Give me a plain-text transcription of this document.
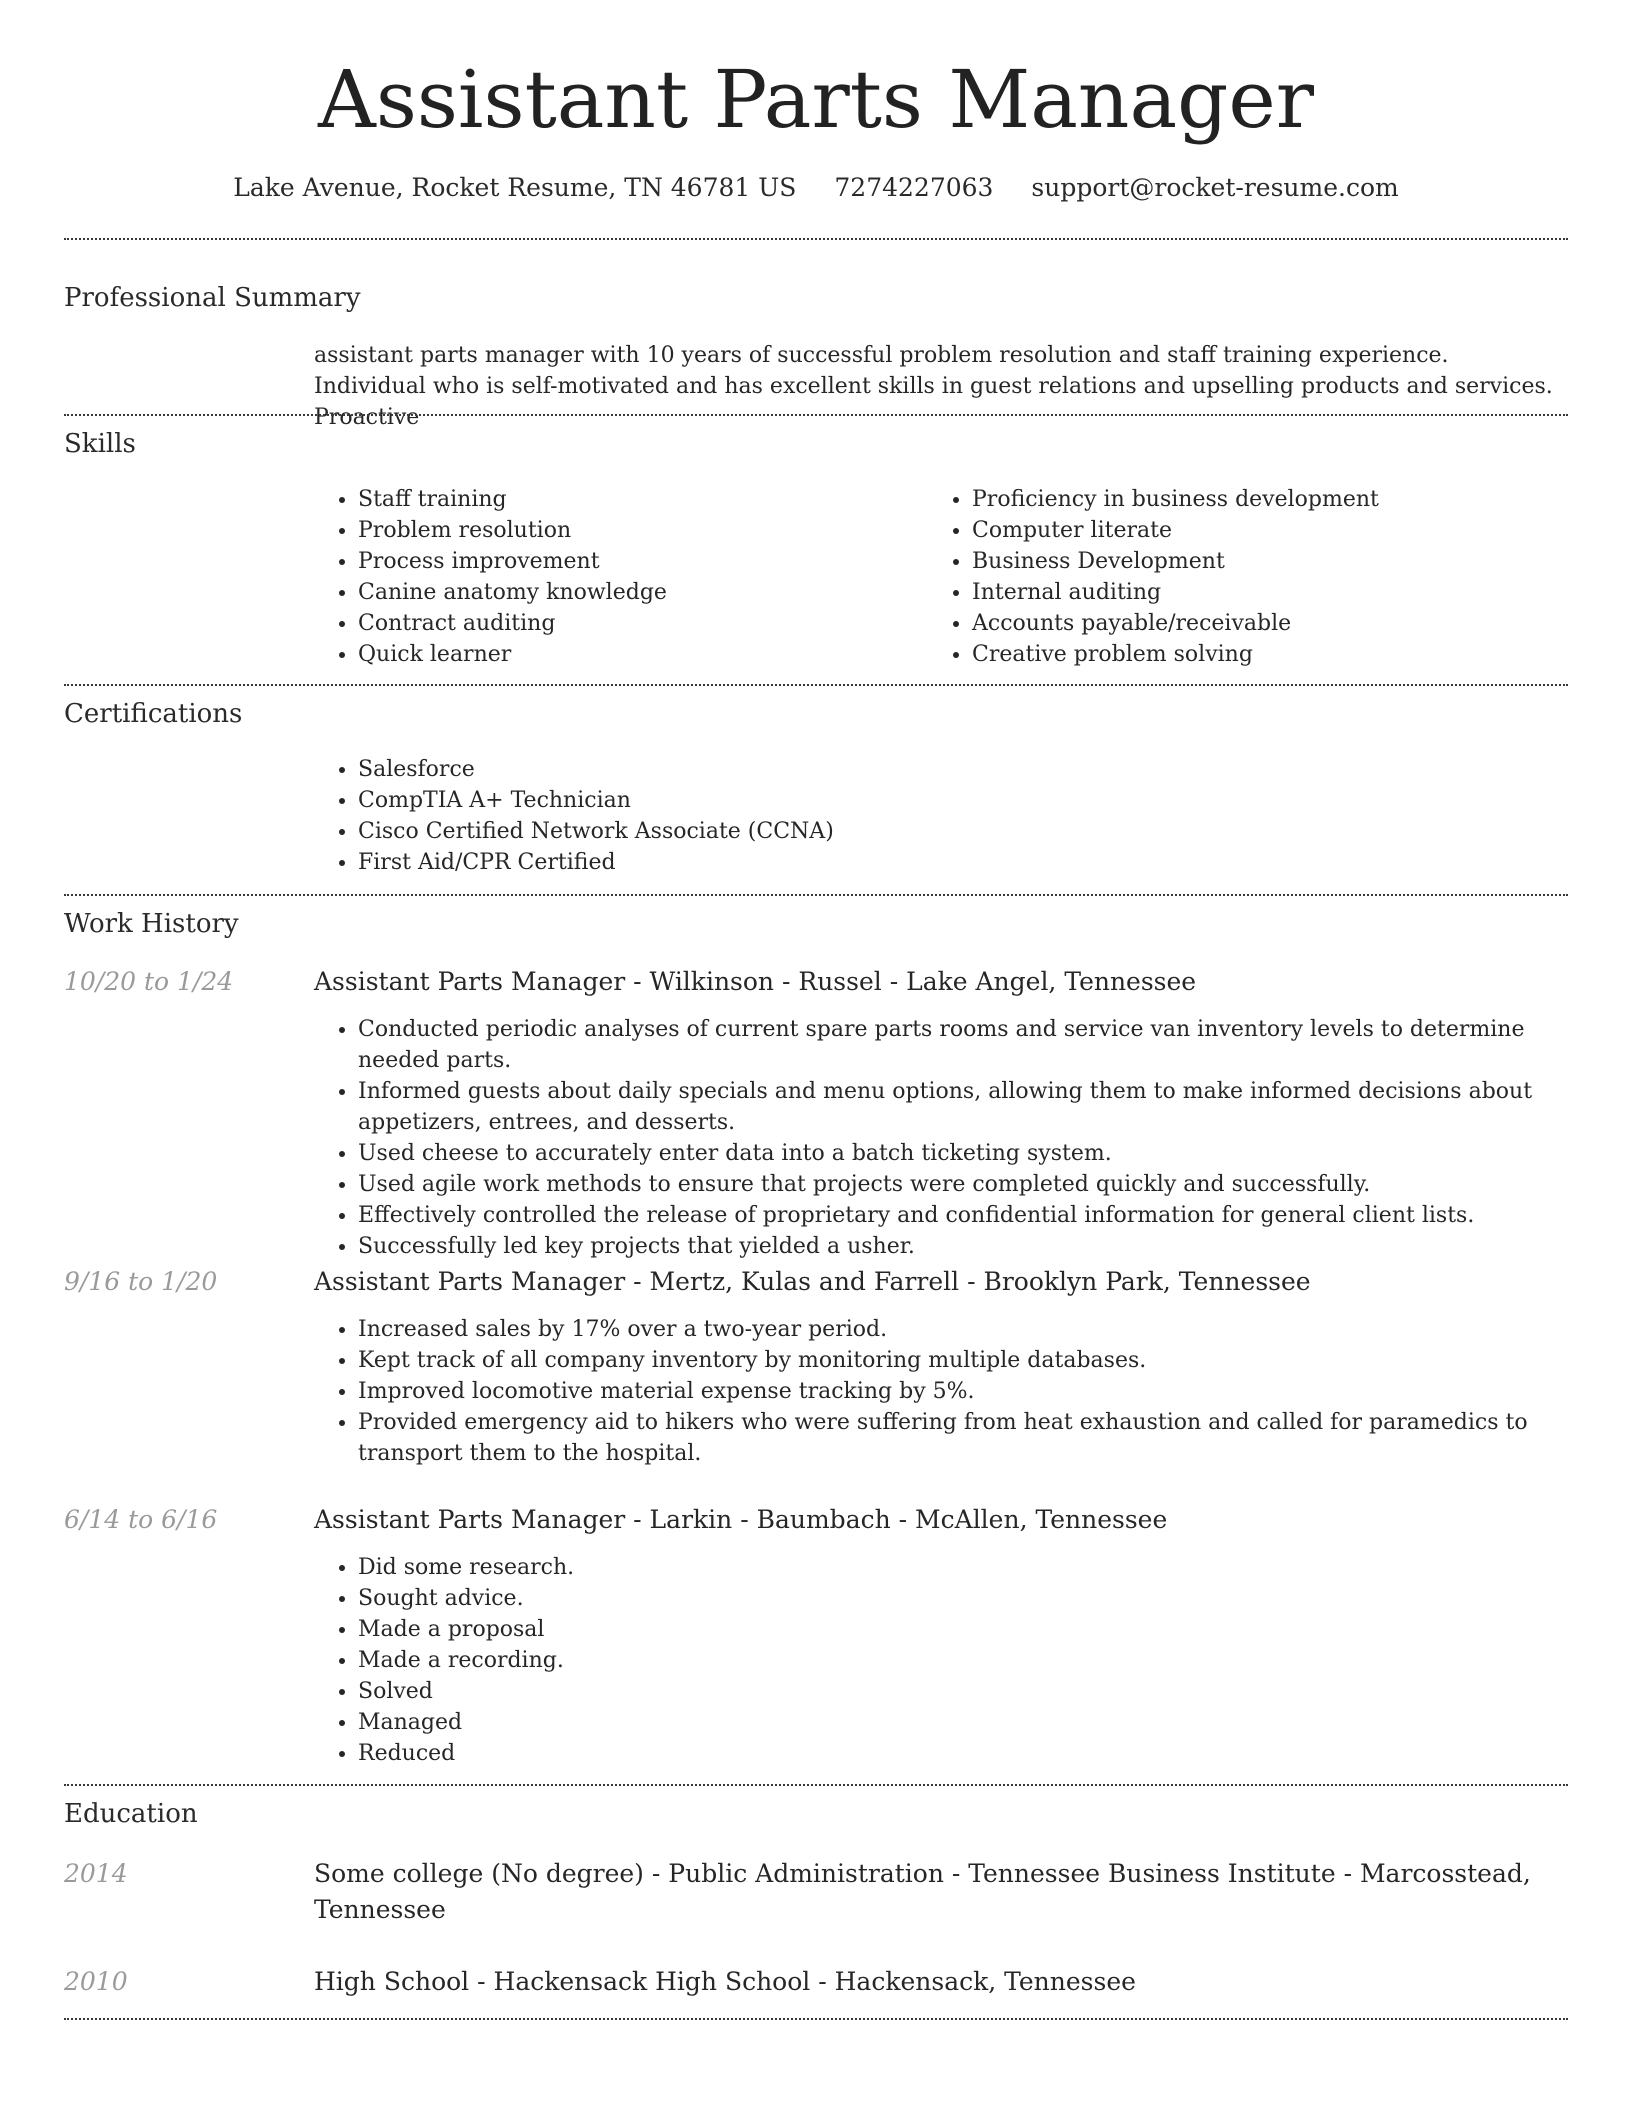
Assistant Parts Manager
Lake Avenue, Rocket Resume, TN 46781 US 7274227063 support@rocket-resume.com
Professional Summary
assistant parts manager with 10 years of successful problem resolution and staff training experience. Individual who is self-motivated and has excellent skills in guest relations and upselling products and services. Proactive
Skills
• Staff training
• Problem resolution
• Process improvement
• Canine anatomy knowledge
• Contract auditing
• Quick learner
• Proficiency in business development
• Computer literate
• Business Development
• Internal auditing
• Accounts payable/receivable
• Creative problem solving
Certifications
• Salesforce
• CompTIA A+ Technician
• Cisco Certified Network Associate (CCNA)
• First Aid/CPR Certified
Work History
10/20 to 1/24	Assistant Parts Manager - Wilkinson - Russel - Lake Angel, Tennessee
• Conducted periodic analyses of current spare parts rooms and service van inventory levels to determine needed parts.
• Informed guests about daily specials and menu options, allowing them to make informed decisions about appetizers, entrees, and desserts.
• Used cheese to accurately enter data into a batch ticketing system.
• Used agile work methods to ensure that projects were completed quickly and successfully.
• Effectively controlled the release of proprietary and confidential information for general client lists.
• Successfully led key projects that yielded a usher.
9/16 to 1/20	Assistant Parts Manager - Mertz, Kulas and Farrell - Brooklyn Park, Tennessee
• Increased sales by 17% over a two-year period.
• Kept track of all company inventory by monitoring multiple databases.
• Improved locomotive material expense tracking by 5%.
• Provided emergency aid to hikers who were suffering from heat exhaustion and called for paramedics to transport them to the hospital.
6/14 to 6/16	Assistant Parts Manager - Larkin - Baumbach - McAllen, Tennessee
• Did some research.
• Sought advice.
• Made a proposal
• Made a recording.
• Solved
• Managed
• Reduced
Education
2014	Some college (No degree) - Public Administration - Tennessee Business Institute - Marcosstead, Tennessee
2010	High School - Hackensack High School - Hackensack, Tennessee
